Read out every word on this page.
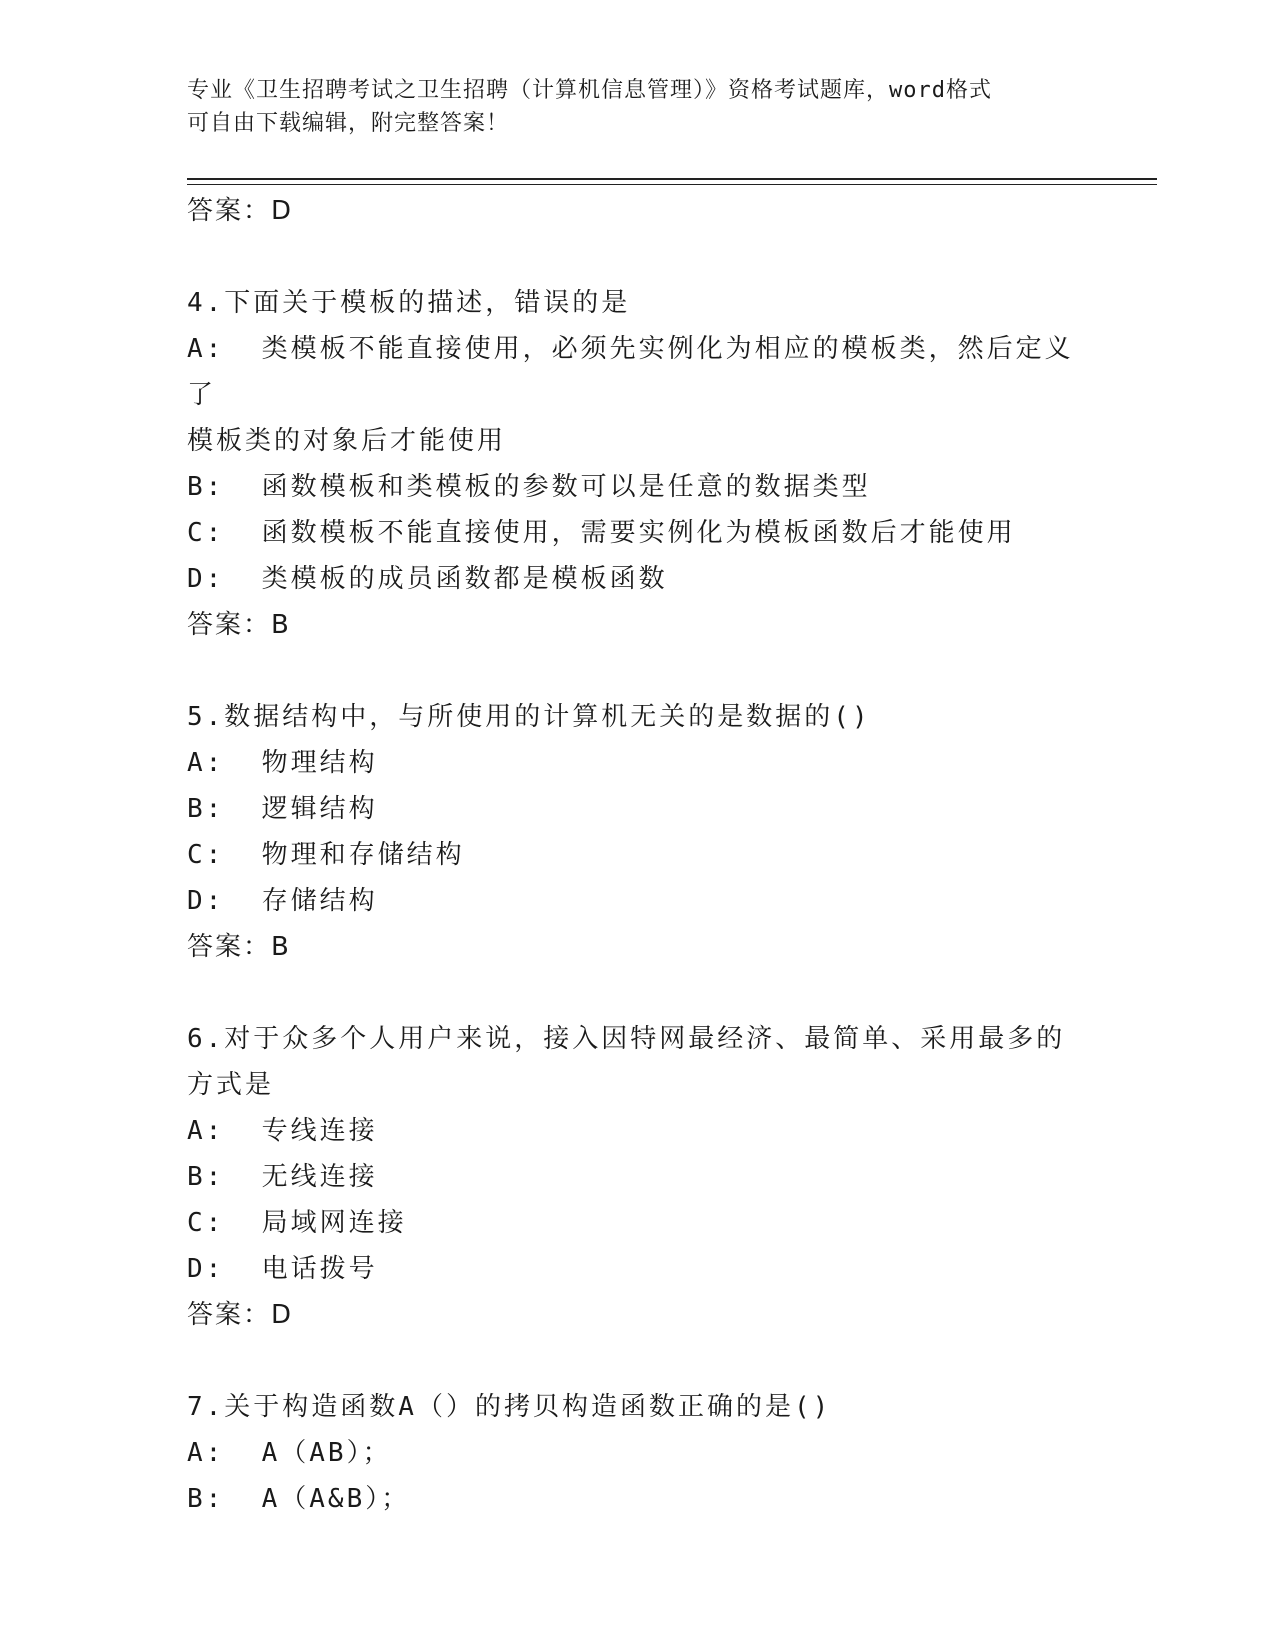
专业《卫生招聘考试之卫生招聘（计算机信息管理）》资格考试题库，word格式
可自由下载编辑，附完整答案！
答案：D
4.下面关于模板的描述，错误的是
A:  类模板不能直接使用，必须先实例化为相应的模板类，然后定义了
模板类的对象后才能使用
B:  函数模板和类模板的参数可以是任意的数据类型
C:  函数模板不能直接使用，需要实例化为模板函数后才能使用
D:  类模板的成员函数都是模板函数
答案：B
5.数据结构中，与所使用的计算机无关的是数据的()
A:  物理结构
B:  逻辑结构
C:  物理和存储结构
D:  存储结构
答案：B
6.对于众多个人用户来说，接入因特网最经济、最简单、采用最多的
方式是
A:  专线连接
B:  无线连接
C:  局域网连接
D:  电话拨号
答案：D
7.关于构造函数A（）的拷贝构造函数正确的是()
A:  A（AB）；
B:  A（A&B）；
